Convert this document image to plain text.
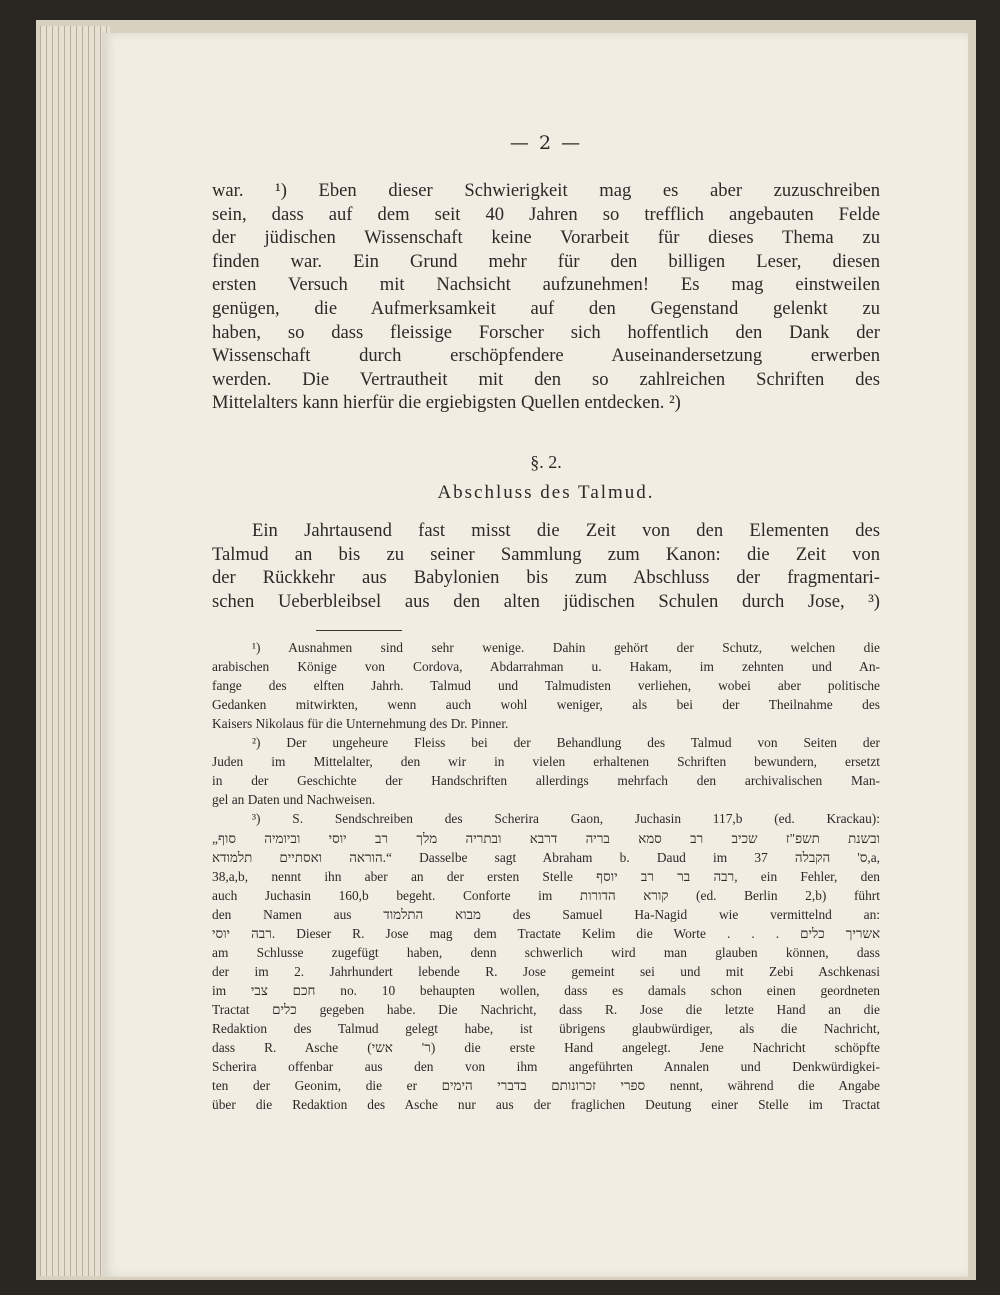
— 2 —
war. ¹) Eben dieser Schwierigkeit mag es aber zuzuschreiben
sein, dass auf dem seit 40 Jahren so trefflich angebauten Felde
der jüdischen Wissenschaft keine Vorarbeit für dieses Thema zu
finden war. Ein Grund mehr für den billigen Leser, diesen
ersten Versuch mit Nachsicht aufzunehmen! Es mag einstweilen
genügen, die Aufmerksamkeit auf den Gegenstand gelenkt zu
haben, so dass fleissige Forscher sich hoffentlich den Dank der
Wissenschaft durch erschöpfendere Auseinandersetzung erwerben
werden. Die Vertrautheit mit den so zahlreichen Schriften des
Mittelalters kann hierfür die ergiebigsten Quellen entdecken. ²)
§. 2.
Abschluss des Talmud.
Ein Jahrtausend fast misst die Zeit von den Elementen des
Talmud an bis zu seiner Sammlung zum Kanon: die Zeit von
der Rückkehr aus Babylonien bis zum Abschluss der fragmentari-
schen Ueberbleibsel aus den alten jüdischen Schulen durch Jose, ³)
¹) Ausnahmen sind sehr wenige. Dahin gehört der Schutz, welchen die
arabischen Könige von Cordova, Abdarrahman u. Hakam, im zehnten und An-
fange des elften Jahrh. Talmud und Talmudisten verliehen, wobei aber politische
Gedanken mitwirkten, wenn auch wohl weniger, als bei der Theilnahme des
Kaisers Nikolaus für die Unternehmung des Dr. Pinner.
²) Der ungeheure Fleiss bei der Behandlung des Talmud von Seiten der
Juden im Mittelalter, den wir in vielen erhaltenen Schriften bewundern, ersetzt
in der Geschichte der Handschriften allerdings mehrfach den archivalischen Man-
gel an Daten und Nachweisen.
³) S. Sendschreiben des Scherira Gaon, Juchasin 117,b (ed. Krackau):
„ובשנת תשפ"ז שכיב רב סמא בריה דרבא ובתריה מלך רב יוסי וביומיה סוף
הוראה ואסתיים תלמודא.“ Dasselbe sagt Abraham b. Daud im ס' הקבלה 37,a,
38,a,b, nennt ihn aber an der ersten Stelle רבה בר רב יוסף, ein Fehler, den
auch Juchasin 160,b begeht. Conforte im קורא הדורות (ed. Berlin 2,b) führt
den Namen aus מבוא התלמוד des Samuel Ha-Nagid wie vermittelnd an:
רבה יוסי. Dieser R. Jose mag dem Tractate Kelim die Worte . . . אשריך כלים
am Schlusse zugefügt haben, denn schwerlich wird man glauben können, dass
der im 2. Jahrhundert lebende R. Jose gemeint sei und mit Zebi Aschkenasi
im חכם צבי no. 10 behaupten wollen, dass es damals schon einen geordneten
Tractat כלים gegeben habe. Die Nachricht, dass R. Jose die letzte Hand an die
Redaktion des Talmud gelegt habe, ist übrigens glaubwürdiger, als die Nachricht,
dass R. Asche (ר' אשי) die erste Hand angelegt. Jene Nachricht schöpfte
Scherira offenbar aus den von ihm angeführten Annalen und Denkwürdigkei-
ten der Geonim, die er ספרי זכרונותם בדברי הימים nennt, während die Angabe
über die Redaktion des Asche nur aus der fraglichen Deutung einer Stelle im Tractat
